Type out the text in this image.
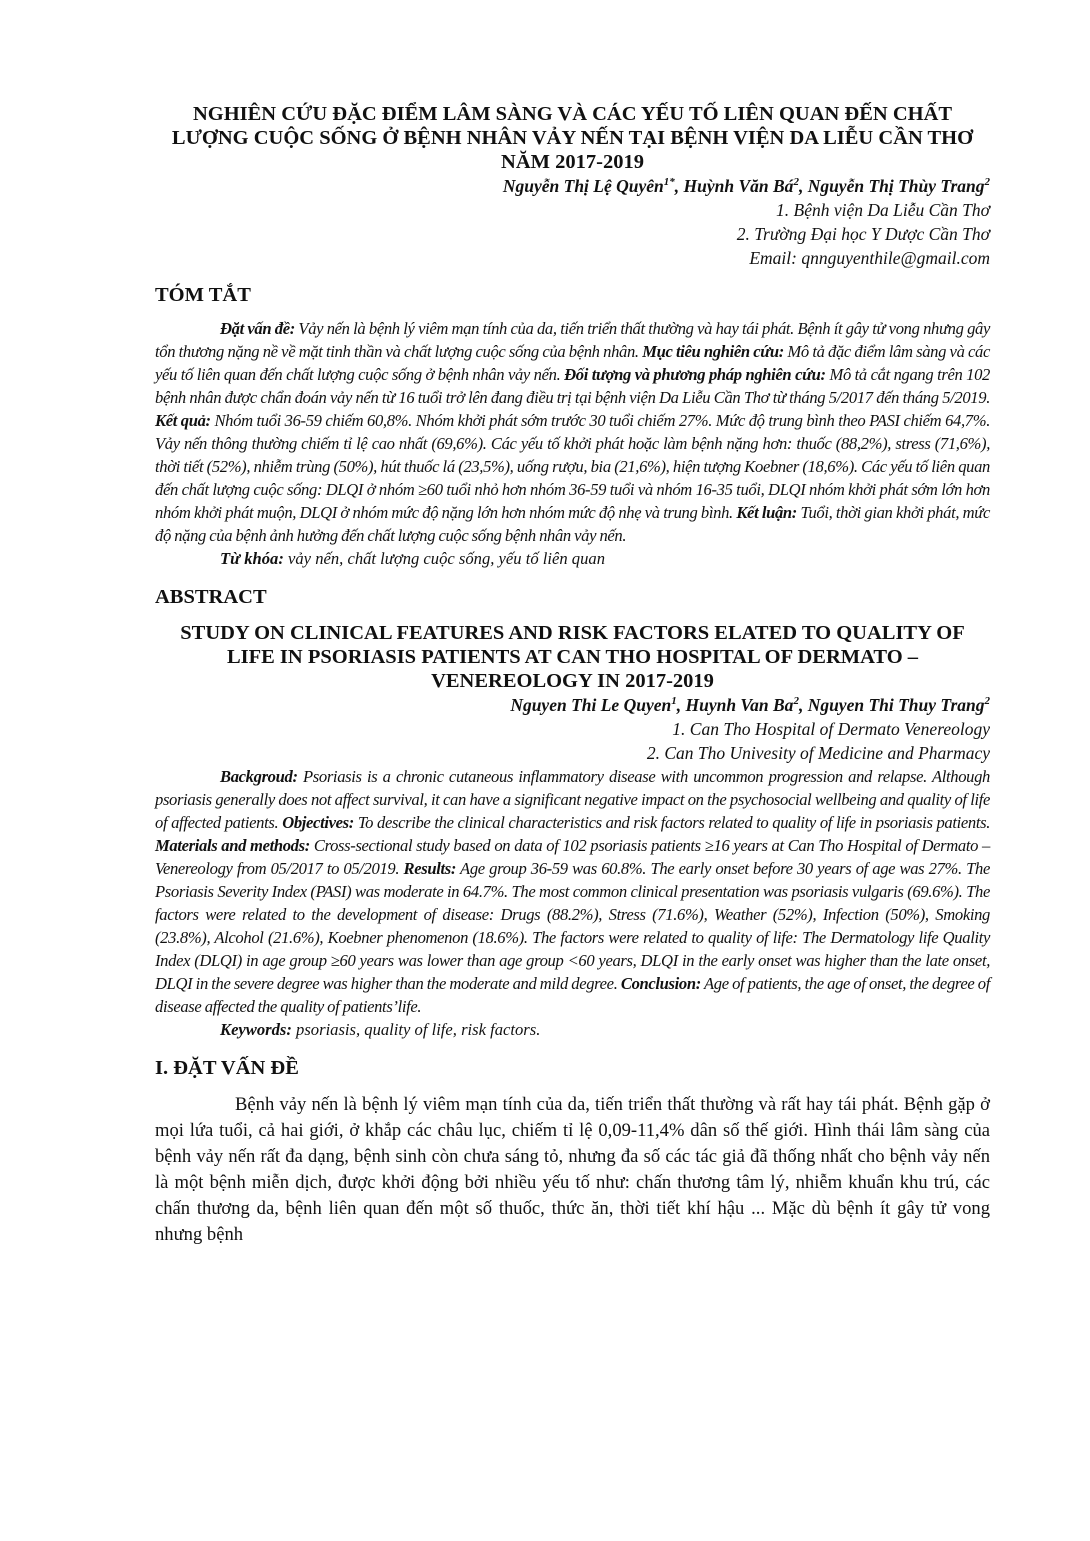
NGHIÊN CỨU ĐẶC ĐIỂM LÂM SÀNG VÀ CÁC YẾU TỐ LIÊN QUAN ĐẾN CHẤT LƯỢNG CUỘC SỐNG Ở BỆNH NHÂN VẢY NẾN TẠI BỆNH VIỆN DA LIỄU CẦN THƠ NĂM 2017-2019

Nguyễn Thị Lệ Quyên$^{1*}$, Huỳnh Văn $Bá^2$, Nguyễn Thị Thùy Trang$^2$

1. Bệnh viện Da Liễu Cần Thơ

2. Trường Đại học Y Dược Cần Thơ

Email: qnnguyenthile@gmail.com

TÓM TẮT

Đặt vấn đề: Vảy nến là bệnh lý viêm mạn tính của da, tiến triển thất thường và hay tái phát. Bệnh ít gây tử vong nhưng gây tổn thương nặng nề về mặt tinh thần và chất lượng cuộc sống của bệnh nhân. Mục tiêu nghiên cứu: Mô tả đặc điểm lâm sàng và các yếu tố liên quan đến chất lượng cuộc sống ở bệnh nhân vảy nến. Đối tượng và phương pháp nghiên cứu: Mô tả cắt ngang trên 102 bệnh nhân được chẩn đoán vảy nến từ 16 tuổi trở lên đang điều trị tại bệnh viện Da Liễu Cần Thơ từ tháng 5/2017 đến tháng 5/2019. Kết quả: Nhóm tuổi 36-59 chiếm 60,8%. Nhóm khởi phát sớm trước 30 tuổi chiếm 27%. Mức độ trung bình theo PASI chiếm 64,7%. Vảy nến thông thường chiếm tỉ lệ cao nhất (69,6%). Các yếu tố khởi phát hoặc làm bệnh nặng hơn: thuốc (88,2%), stress (71,6%), thời tiết (52%), nhiễm trùng (50%), hút thuốc lá (23,5%), uống rượu, bia (21,6%), hiện tượng Koebner (18,6%). Các yếu tố liên quan đến chất lượng cuộc sống: DLQI ở nhóm ≥60 tuổi nhỏ hơn nhóm 36-59 tuổi và nhóm 16-35 tuổi, DLQI nhóm khởi phát sớm lớn hơn nhóm khởi phát muộn, DLQI ở nhóm mức độ nặng lớn hơn nhóm mức độ nhẹ và trung bình. Kết luận: Tuổi, thời gian khởi phát, mức độ nặng của bệnh ảnh hưởng đến chất lượng cuộc sống bệnh nhân vảy nến.

Từ khóa: vảy nến, chất lượng cuộc sống, yếu tố liên quan

ABSTRACT
STUDY ON CLINICAL FEATURES AND RISK FACTORS ELATED TO QUALITY OF LIFE IN PSORIASIS PATIENTS AT CAN THO HOSPITAL OF DERMATO –VENEREOLOGY IN 2017-2019

Nguyen Thi Le Quyen$^1$, Huynh Van Ba$^2$, Nguyen Thi Thuy Trang$^2$

1. Can Tho Hospital of Dermato Venereology

2. Can Tho Univesity of Medicine and Pharmacy

Backgroud: Psoriasis is a chronic cutaneous inflammatory disease with uncommon progression and relapse. Although psoriasis generally does not affect survival, it can have a significant negative impact on the psychosocial wellbeing and quality of life of affected patients. Objectives: To describe the clinical characteristics and risk factors related to quality of life in psoriasis patients. Materials and methods: Cross-sectional study based on data of 102 psoriasis patients ≥16 years at Can Tho Hospital of Dermato – Venereology from 05/2017 to 05/2019. Results: Age group 36-59 was 60.8%. The early onset before 30 years of age was 27%. The Psoriasis Severity Index (PASI) was moderate in 64.7%. The most common clinical presentation was psoriasis vulgaris (69.6%). The factors were related to the development of disease: Drugs (88.2%), Stress (71.6%), Weather (52%), Infection (50%), Smoking (23.8%), Alcohol (21.6%), Koebner phenomenon (18.6%). The factors were related to quality of life: The Dermatology life Quality Index (DLQI) in age group ≥60 years was lower than age group <60 years, DLQI in the early onset was higher than the late onset, DLQI in the severe degree was higher than the moderate and mild degree. Conclusion: Age of patients, the age of onset, the degree of disease affected the quality of patients’life.

Keywords: psoriasis, quality of life, risk factors.

I. ĐẶT VẤN ĐỀ

Bệnh vảy nến là bệnh lý viêm mạn tính của da, tiến triển thất thường và rất hay tái phát. Bệnh gặp ở mọi lứa tuổi, cả hai giới, ở khắp các châu lục, chiếm tỉ lệ 0,09-11,4% dân số thế giới. Hình thái lâm sàng của bệnh vảy nến rất đa dạng, bệnh sinh còn chưa sáng tỏ, nhưng đa số các tác giả đã thống nhất cho bệnh vảy nến là một bệnh miễn dịch, được khởi động bởi nhiều yếu tố như: chấn thương tâm lý, nhiễm khuẩn khu trú, các chấn thương da, bệnh liên quan đến một số thuốc, thức ăn, thời tiết khí hậu ... Mặc dù bệnh ít gây tử vong nhưng bệnh
